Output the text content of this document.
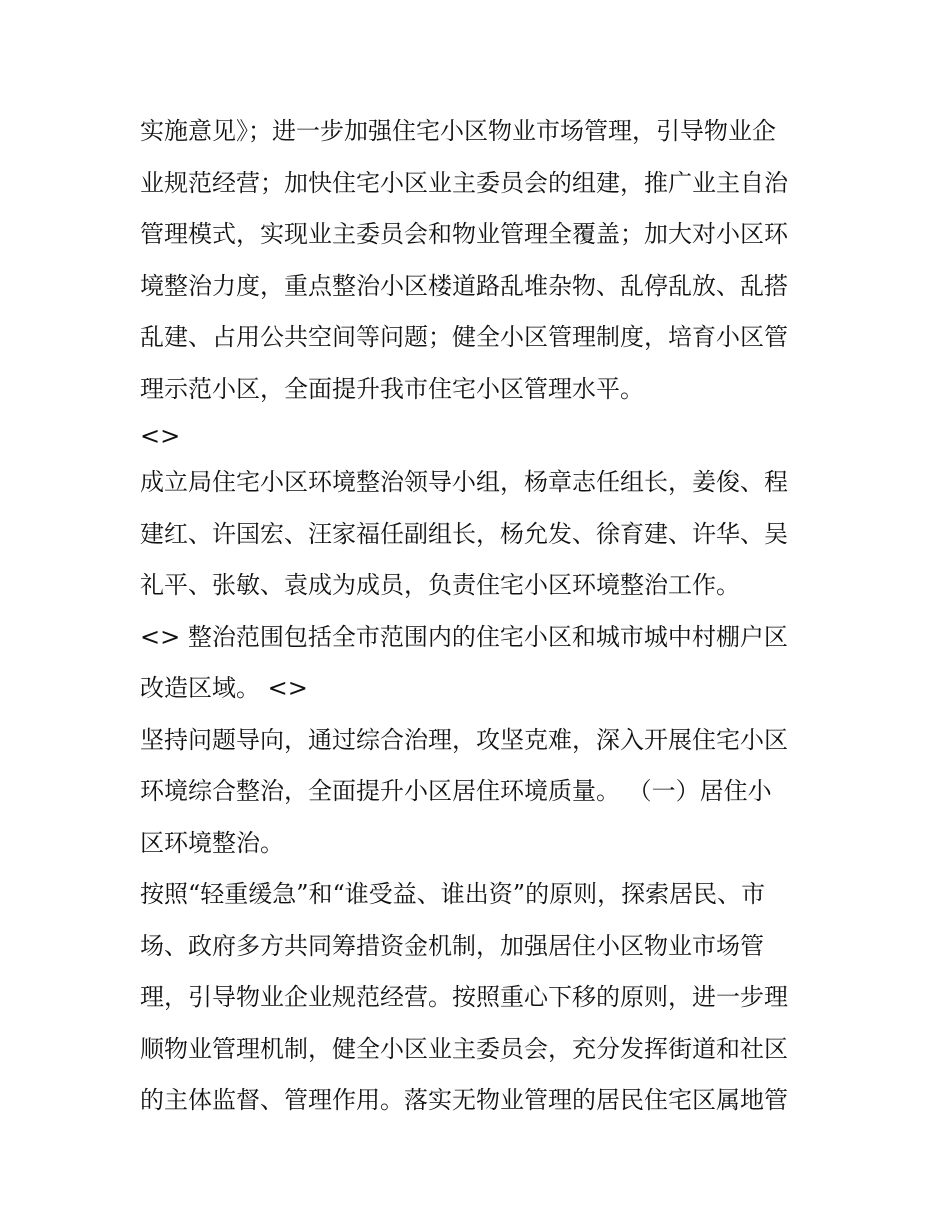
实施意见》；进一步加强住宅小区物业市场管理，引导物业企
业规范经营；加快住宅小区业主委员会的组建，推广业主自治
管理模式，实现业主委员会和物业管理全覆盖；加大对小区环
境整治力度，重点整治小区楼道路乱堆杂物、乱停乱放、乱搭
乱建、占用公共空间等问题；健全小区管理制度，培育小区管
理示范小区，全面提升我市住宅小区管理水平。
<>
成立局住宅小区环境整治领导小组，杨章志任组长，姜俊、程
建红、许国宏、汪家福任副组长，杨允发、徐育建、许华、吴
礼平、张敏、袁成为成员，负责住宅小区环境整治工作。
<> 整治范围包括全市范围内的住宅小区和城市城中村棚户区
改造区域。 <>
坚持问题导向，通过综合治理，攻坚克难，深入开展住宅小区
环境综合整治，全面提升小区居住环境质量。 （一）居住小
区环境整治。
按照“轻重缓急”和“谁受益、谁出资”的原则，探索居民、市
场、政府多方共同筹措资金机制，加强居住小区物业市场管
理，引导物业企业规范经营。按照重心下移的原则，进一步理
顺物业管理机制，健全小区业主委员会，充分发挥街道和社区
的主体监督、管理作用。落实无物业管理的居民住宅区属地管
